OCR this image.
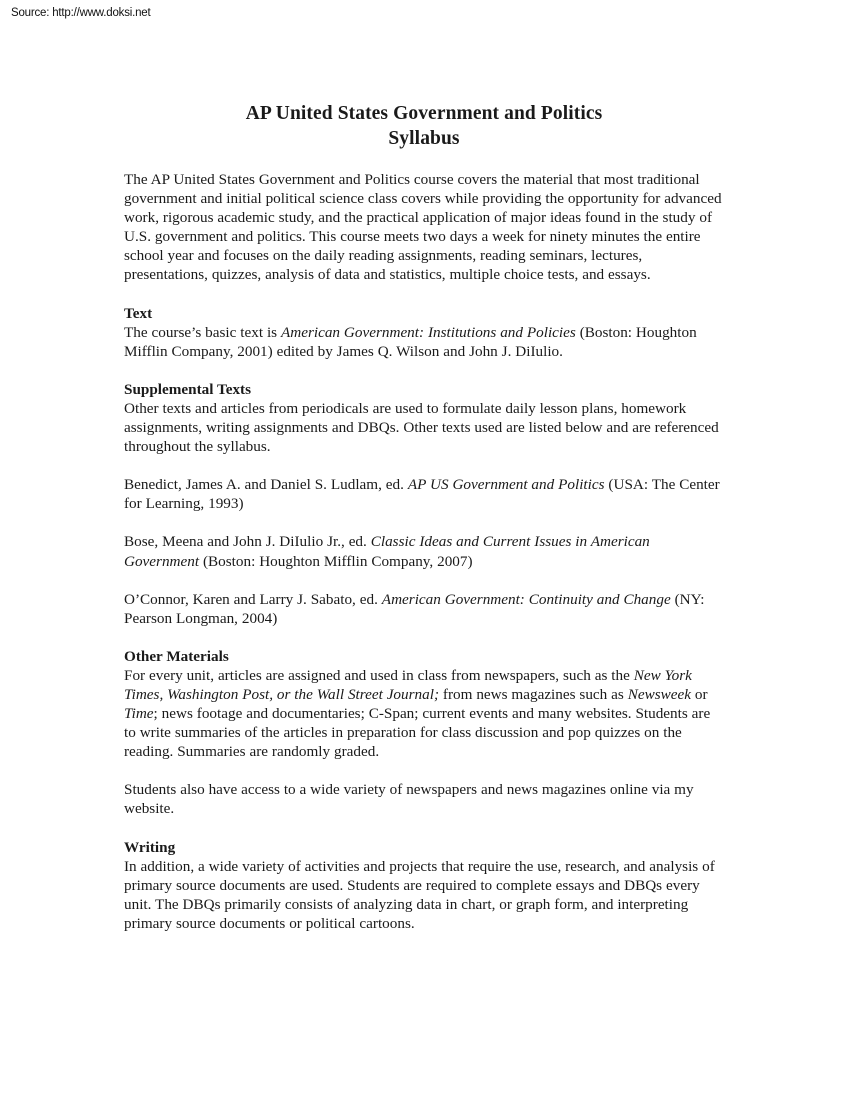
Source: http://www.doksi.net
AP United States Government and Politics
Syllabus

The AP United States Government and Politics course covers the material that most traditional government and initial political science class covers while providing the opportunity for advanced work, rigorous academic study, and the practical application of major ideas found in the study of U.S. government and politics. This course meets two days a week for ninety minutes the entire school year and focuses on the daily reading assignments, reading seminars, lectures, presentations, quizzes, analysis of data and statistics, multiple choice tests, and essays.

Text

The course’s basic text is American Government: Institutions and Policies (Boston: Houghton Mifflin Company, 2001) edited by James Q. Wilson and John J. DiIulio.

Supplemental Texts

Other texts and articles from periodicals are used to formulate daily lesson plans, homework assignments, writing assignments and DBQs. Other texts used are listed below and are referenced throughout the syllabus.

Benedict, James A. and Daniel S. Ludlam, ed. AP US Government and Politics (USA: The Center for Learning, 1993)

Bose, Meena and John J. DiIulio Jr., ed. Classic Ideas and Current Issues in American Government (Boston: Houghton Mifflin Company, 2007)

O’Connor, Karen and Larry J. Sabato, ed. American Government: Continuity and Change (NY: Pearson Longman, 2004)

Other Materials

For every unit, articles are assigned and used in class from newspapers, such as the New York Times, Washington Post, or the Wall Street Journal; from news magazines such as Newsweek or Time; news footage and documentaries; C-Span; current events and many websites. Students are to write summaries of the articles in preparation for class discussion and pop quizzes on the reading. Summaries are randomly graded.

Students also have access to a wide variety of newspapers and news magazines online via my website.

Writing

In addition, a wide variety of activities and projects that require the use, research, and analysis of primary source documents are used. Students are required to complete essays and DBQs every unit. The DBQs primarily consists of analyzing data in chart, or graph form, and interpreting primary source documents or political cartoons.
